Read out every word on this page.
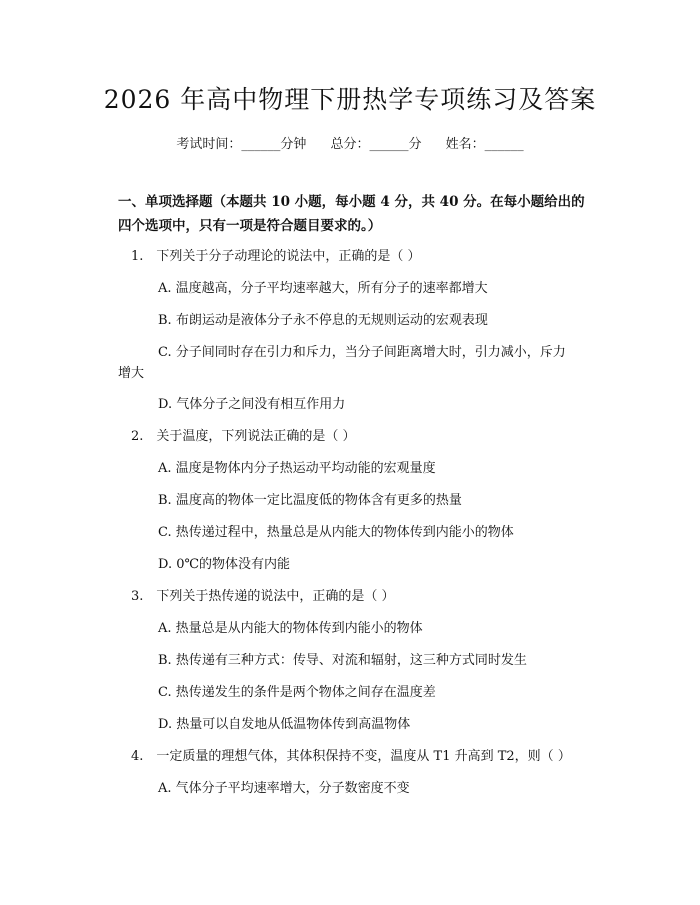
2026 年高中物理下册热学专项练习及答案
考试时间：______分钟 总分：______分 姓名：______
一、单项选择题（本题共 10 小题，每小题 4 分，共 40 分。在每小题给出的四个选项中，只有一项是符合题目要求的。）
1.　下列关于分子动理论的说法中，正确的是（ ）
A. 温度越高，分子平均速率越大，所有分子的速率都增大
B. 布朗运动是液体分子永不停息的无规则运动的宏观表现
C. 分子间同时存在引力和斥力，当分子间距离增大时，引力减小，斥力
增大
D. 气体分子之间没有相互作用力
2.　关于温度，下列说法正确的是（ ）
A. 温度是物体内分子热运动平均动能的宏观量度
B. 温度高的物体一定比温度低的物体含有更多的热量
C. 热传递过程中，热量总是从内能大的物体传到内能小的物体
D. 0℃的物体没有内能
3.　下列关于热传递的说法中，正确的是（ ）
A. 热量总是从内能大的物体传到内能小的物体
B. 热传递有三种方式：传导、对流和辐射，这三种方式同时发生
C. 热传递发生的条件是两个物体之间存在温度差
D. 热量可以自发地从低温物体传到高温物体
4.　一定质量的理想气体，其体积保持不变，温度从 T1 升高到 T2，则（ ）
A. 气体分子平均速率增大，分子数密度不变
